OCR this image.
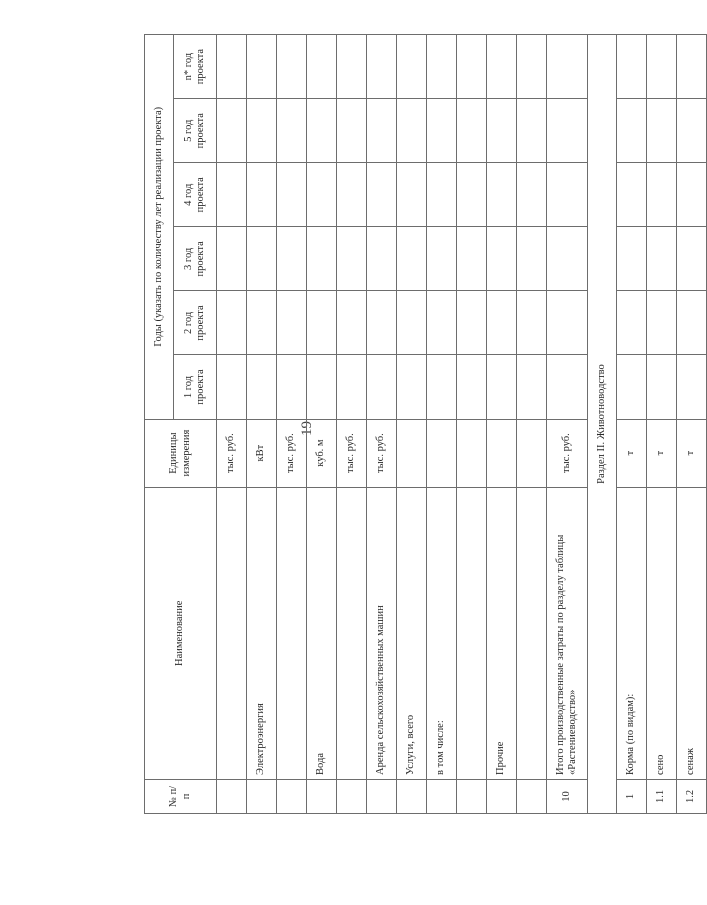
19
№ п/п	Наименование	Единицы измерения	Годы (указать по количеству лет реализации проекта)					
			1 год проекта	2 год проекта	3 год проекта	4 год проекта	5 год проекта	n* год проекта
		тыс. руб.						
	Электроэнергия	кВт						
		тыс. руб.						
	Вода	куб. м						
		тыс. руб.						
	Аренда сельскохозяйственных машин	тыс. руб.						
	Услуги, всего							
	в том числе:							

	Прочие							

10	Итого производственные затраты по разделу таблицы «Растениеводство»	тыс. руб.						
Раздел II. Животноводство								
1	Корма (по видам):	т						
1.1	сено	т						
1.2	сенаж	т						
